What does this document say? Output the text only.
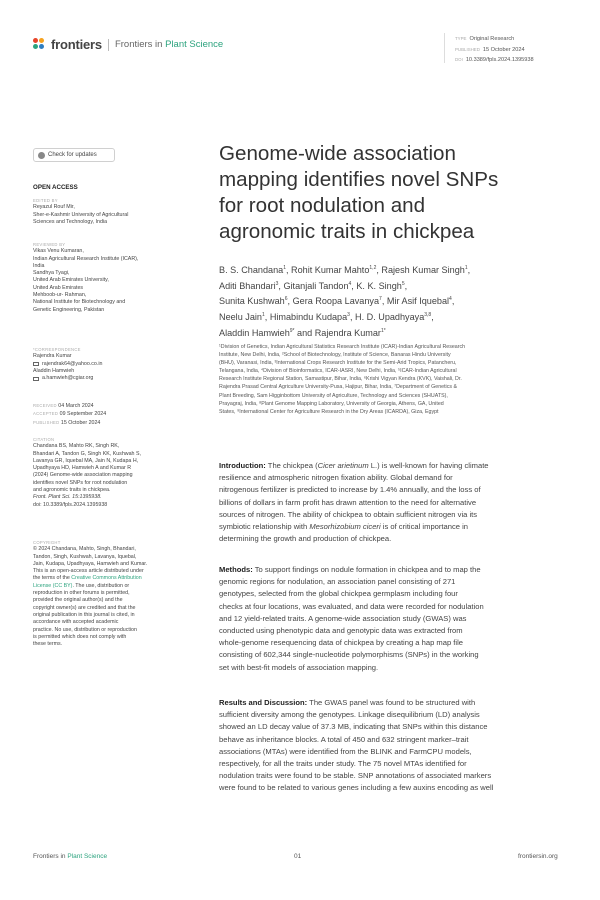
frontiers Frontiers in Plant Science
TYPE Original Research
PUBLISHED 15 October 2024
DOI 10.3389/fpls.2024.1395938
Check for updates
OPEN ACCESS
EDITED BY
Reyazul Rouf Mir,
Sher-e-Kashmir University of Agricultural
Sciences and Technology, India
REVIEWED BY
Vikas Venu Kumaran,
Indian Agricultural Research Institute (ICAR),
India
Sandhya Tyagi,
United Arab Emirates University,
United Arab Emirates
Mehboob-ur- Rahman,
National Institute for Biotechnology and
Genetic Engineering, Pakistan
*CORRESPONDENCE
Rajendra Kumar
rajendrak64@yahoo.co.in
Aladdin Hamwieh
a.hamwieh@cgiar.org
RECEIVED 04 March 2024
ACCEPTED 09 September 2024
PUBLISHED 15 October 2024
CITATION
Chandana BS, Mahto RK, Singh RK,
Bhandari A, Tandon G, Singh KK, Kushwah S,
Lavanya GR, Iquebal MA, Jain N, Kudapa H,
Upadhyaya HD, Hamwieh A and Kumar R
(2024) Genome-wide association mapping
identifies novel SNPs for root nodulation
and agronomic traits in chickpea.
Front. Plant Sci. 15:1395938.
doi: 10.3389/fpls.2024.1395938
COPYRIGHT
© 2024 Chandana, Mahto, Singh, Bhandari,
Tandon, Singh, Kushwah, Lavanya, Iquebal,
Jain, Kudapa, Upadhyaya, Hamwieh and Kumar.
This is an open-access article distributed under
the terms of the Creative Commons Attribution
License (CC BY). The use, distribution or
reproduction in other forums is permitted,
provided the original author(s) and the
copyright owner(s) are credited and that the
original publication in this journal is cited, in
accordance with accepted academic
practice. No use, distribution or reproduction
is permitted which does not comply with
these terms.
Genome-wide association
mapping identifies novel SNPs
for root nodulation and
agronomic traits in chickpea
B. S. Chandana$^1$, Rohit Kumar Mahto$^{1,2}$, Rajesh Kumar Singh$^1$,
Aditi Bhandari$^3$, Gitanjali Tandon$^4$, K. K. Singh$^5$,
Sunita Kushwah$^6$, Gera Roopa Lavanya$^7$, Mir Asif Iquebal$^4$,
Neelu Jain$^1$, Himabindu Kudapa$^3$, H. D. Upadhyaya$^{3,8}$,
Aladdin Hamwieh$^{9*}$ and Rajendra Kumar$^{1*}$
¹Division of Genetics, Indian Agricultural Statistics Research Institute (ICAR)-Indian Agricultural Research
Institute, New Delhi, India, ²School of Biotechnology, Institute of Science, Banaras Hindu University
(BHU), Varanasi, India, ³International Crops Research Institute for the Semi-Arid Tropics, Patancheru,
Telangana, India, ⁴Division of Bioinformatics, ICAR-IASRI, New Delhi, India, ⁵ICAR-Indian Agricultural
Research Institute Regional Station, Samastipur, Bihar, India, ⁶Krishi Vigyan Kendra (KVK), Vaishali, Dr.
Rajendra Prasad Central Agriculture University-Pusa, Hajipur, Bihar, India, ⁷Department of Genetics &
Plant Breeding, Sam Higginbottom University of Agriculture, Technology and Sciences (SHUATS),
Prayagraj, India, ⁸Plant Genome Mapping Laboratory, University of Georgia, Athens, GA, United
States, ⁹International Center for Agriculture Research in the Dry Areas (ICARDA), Giza, Egypt
Introduction: The chickpea (Cicer arietinum L.) is well-known for having climate
resilience and atmospheric nitrogen fixation ability. Global demand for
nitrogenous fertilizer is predicted to increase by 1.4% annually, and the loss of
billions of dollars in farm profit has drawn attention to the need for alternative
sources of nitrogen. The ability of chickpea to obtain sufficient nitrogen via its
symbiotic relationship with Mesorhizobium ciceri is of critical importance in
determining the growth and production of chickpea.
Methods: To support findings on nodule formation in chickpea and to map the
genomic regions for nodulation, an association panel consisting of 271
genotypes, selected from the global chickpea germplasm including four
checks at four locations, was evaluated, and data were recorded for nodulation
and 12 yield-related traits. A genome-wide association study (GWAS) was
conducted using phenotypic data and genotypic data was extracted from
whole-genome resequencing data of chickpea by creating a hap map file
consisting of 602,344 single-nucleotide polymorphisms (SNPs) in the working
set with best-fit models of association mapping.
Results and Discussion: The GWAS panel was found to be structured with
sufficient diversity among the genotypes. Linkage disequilibrium (LD) analysis
showed an LD decay value of 37.3 MB, indicating that SNPs within this distance
behave as inheritance blocks. A total of 450 and 632 stringent marker–trait
associations (MTAs) were identified from the BLINK and FarmCPU models,
respectively, for all the traits under study. The 75 novel MTAs identified for
nodulation traits were found to be stable. SNP annotations of associated markers
were found to be related to various genes including a few auxins encoding as well
Frontiers in Plant Science	01	frontiersin.org
